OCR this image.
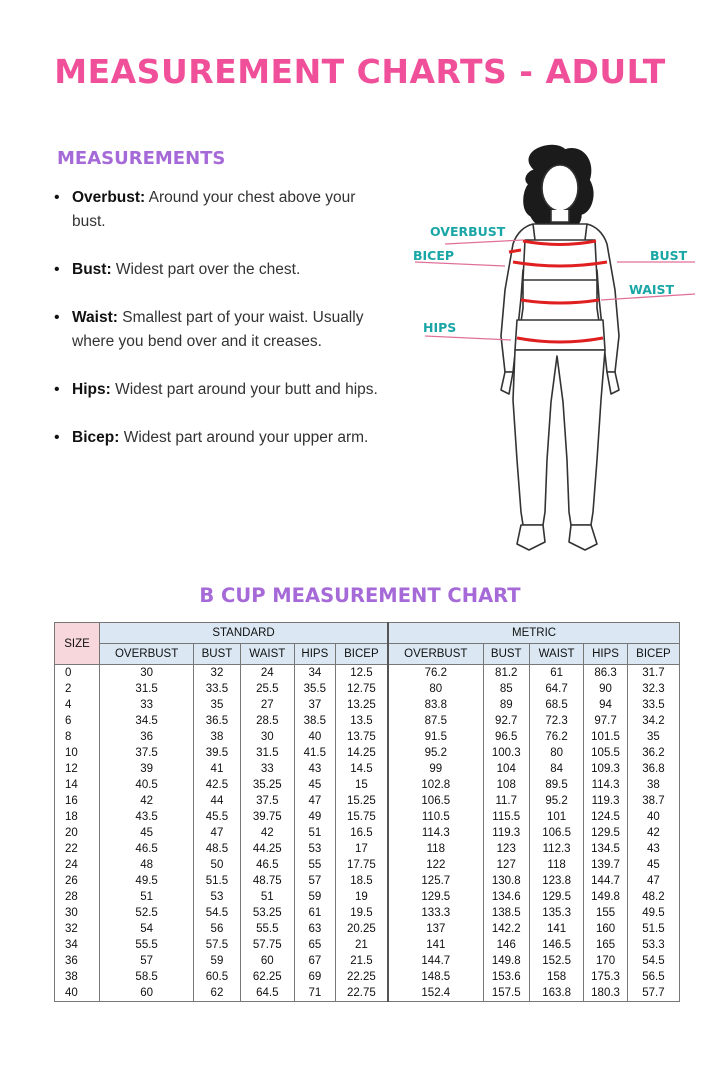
MEASUREMENT CHARTS - ADULT
MEASUREMENTS
• Overbust: Around your chest above your bust.
• Bust: Widest part over the chest.
• Waist: Smallest part of your waist. Usually where you bend over and it creases.
• Hips: Widest part around your butt and hips.
• Bicep: Widest part around your upper arm.
OVERBUST
BICEP	BUST
WAIST
HIPS
B CUP MEASUREMENT CHART
SIZE	STANDARD					METRIC				
	OVERBUST	BUST	WAIST	HIPS	BICEP	OVERBUST	BUST	WAIST	HIPS	BICEP
0	30	32	24	34	12.5	76.2	81.2	61	86.3	31.7
2	31.5	33.5	25.5	35.5	12.75	80	85	64.7	90	32.3
4	33	35	27	37	13.25	83.8	89	68.5	94	33.5
6	34.5	36.5	28.5	38.5	13.5	87.5	92.7	72.3	97.7	34.2
8	36	38	30	40	13.75	91.5	96.5	76.2	101.5	35
10	37.5	39.5	31.5	41.5	14.25	95.2	100.3	80	105.5	36.2
12	39	41	33	43	14.5	99	104	84	109.3	36.8
14	40.5	42.5	35.25	45	15	102.8	108	89.5	114.3	38
16	42	44	37.5	47	15.25	106.5	11.7	95.2	119.3	38.7
18	43.5	45.5	39.75	49	15.75	110.5	115.5	101	124.5	40
20	45	47	42	51	16.5	114.3	119.3	106.5	129.5	42
22	46.5	48.5	44.25	53	17	118	123	112.3	134.5	43
24	48	50	46.5	55	17.75	122	127	118	139.7	45
26	49.5	51.5	48.75	57	18.5	125.7	130.8	123.8	144.7	47
28	51	53	51	59	19	129.5	134.6	129.5	149.8	48.2
30	52.5	54.5	53.25	61	19.5	133.3	138.5	135.3	155	49.5
32	54	56	55.5	63	20.25	137	142.2	141	160	51.5
34	55.5	57.5	57.75	65	21	141	146	146.5	165	53.3
36	57	59	60	67	21.5	144.7	149.8	152.5	170	54.5
38	58.5	60.5	62.25	69	22.25	148.5	153.6	158	175.3	56.5
40	60	62	64.5	71	22.75	152.4	157.5	163.8	180.3	57.7
